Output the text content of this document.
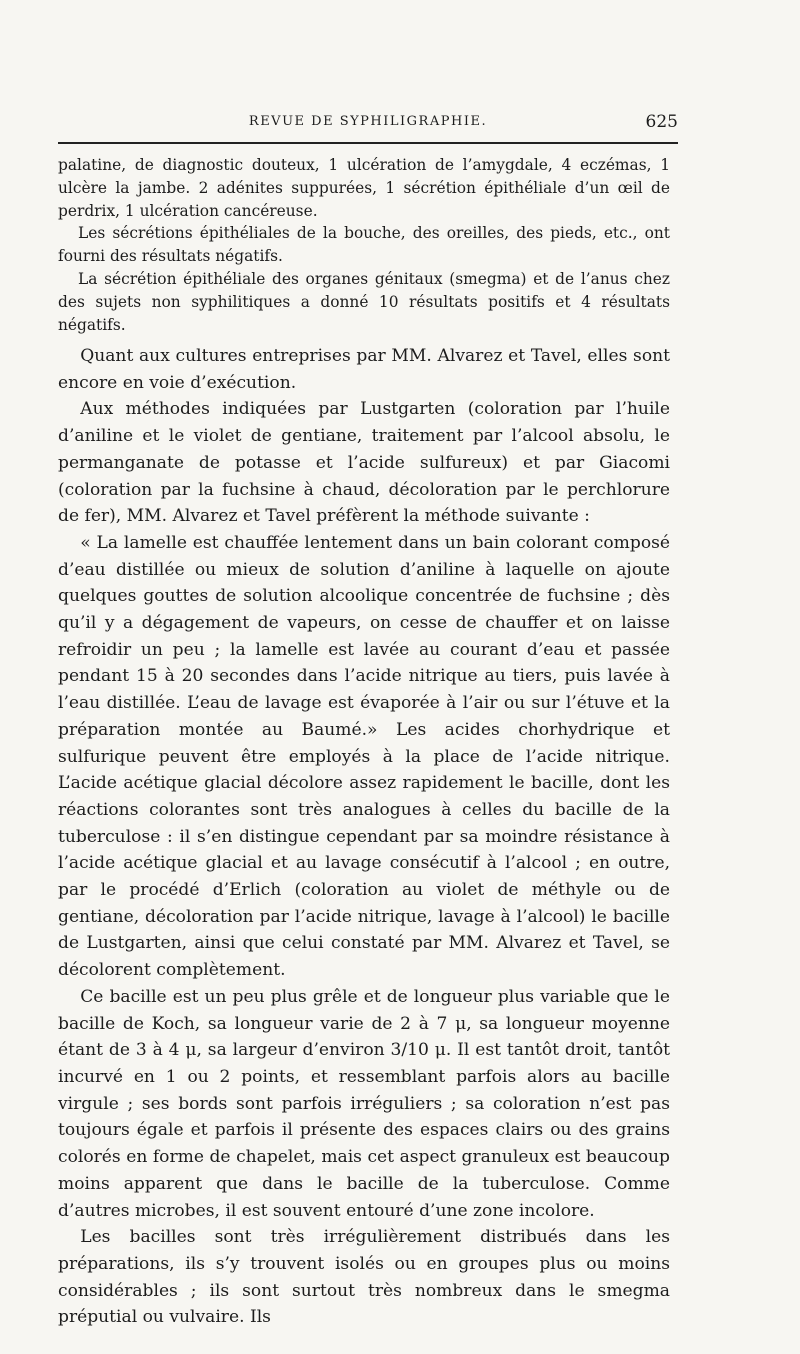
REVUE DE SYPHILIGRAPHIE.	625

palatine, de diagnostic douteux, 1 ulcération de l’amygdale, 4 eczémas, 1 ulcère la jambe. 2 adénites suppurées, 1 sécrétion épithéliale d’un œil de perdrix, 1 ulcération cancéreuse.

Les sécrétions épithéliales de la bouche, des oreilles, des pieds, etc., ont fourni des résultats négatifs.

La sécrétion épithéliale des organes génitaux (smegma) et de l’anus chez des sujets non syphilitiques a donné 10 résultats positifs et 4 résultats négatifs.

Quant aux cultures entreprises par MM. Alvarez et Tavel, elles sont encore en voie d’exécution.

Aux méthodes indiquées par Lustgarten (coloration par l’huile d’aniline et le violet de gentiane, traitement par l’alcool absolu, le permanganate de potasse et l’acide sulfureux) et par Giacomi (coloration par la fuchsine à chaud, décoloration par le perchlorure de fer), MM. Alvarez et Tavel préfèrent la méthode suivante :

« La lamelle est chauffée lentement dans un bain colorant composé d’eau distillée ou mieux de solution d’aniline à laquelle on ajoute quelques gouttes de solution alcoolique concentrée de fuchsine ; dès qu’il y a dégagement de vapeurs, on cesse de chauffer et on laisse refroidir un peu ; la lamelle est lavée au courant d’eau et passée pendant 15 à 20 secondes dans l’acide nitrique au tiers, puis lavée à l’eau distillée. L’eau de lavage est évaporée à l’air ou sur l’étuve et la préparation montée au Baumé.» Les acides chorhydrique et sulfurique peuvent être employés à la place de l’acide nitrique. L’acide acétique glacial décolore assez rapidement le bacille, dont les réactions colorantes sont très analogues à celles du bacille de la tuberculose : il s’en distingue cependant par sa moindre résistance à l’acide acétique glacial et au lavage consécutif à l’alcool ; en outre, par le procédé d’Erlich (coloration au violet de méthyle ou de gentiane, décoloration par l’acide nitrique, lavage à l’alcool) le bacille de Lustgarten, ainsi que celui constaté par MM. Alvarez et Tavel, se décolorent complètement.

Ce bacille est un peu plus grêle et de longueur plus variable que le bacille de Koch, sa longueur varie de 2 à 7 μ, sa longueur moyenne étant de 3 à 4 μ, sa largeur d’environ 3/10 μ. Il est tantôt droit, tantôt incurvé en 1 ou 2 points, et ressemblant parfois alors au bacille virgule ; ses bords sont parfois irréguliers ; sa coloration n’est pas toujours égale et parfois il présente des espaces clairs ou des grains colorés en forme de chapelet, mais cet aspect granuleux est beaucoup moins apparent que dans le bacille de la tuberculose. Comme d’autres microbes, il est souvent entouré d’une zone incolore.

Les bacilles sont très irrégulièrement distribués dans les préparations, ils s’y trouvent isolés ou en groupes plus ou moins considérables ; ils sont surtout très nombreux dans le smegma préputial ou vulvaire. Ils
